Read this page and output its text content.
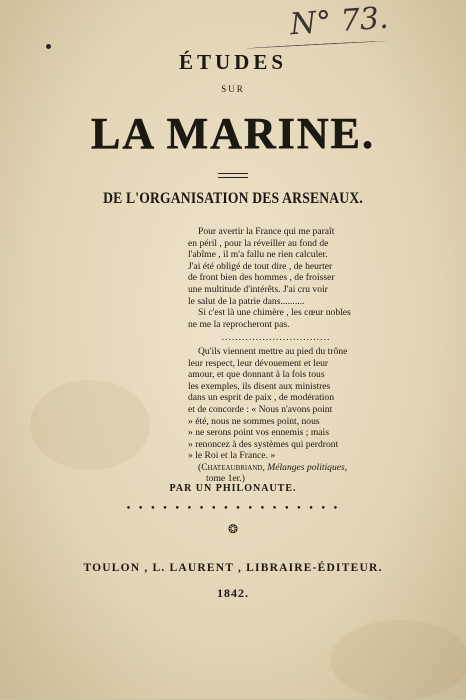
N° 73.
ÉTUDES
SUR
LA MARINE.
DE L'ORGANISATION DES ARSENAUX.
Pour avertir la France qui me paraît
en péril , pour la réveiller au fond de
l'abîme , il m'a fallu ne rien calculer.
J'ai été obligé de tout dire , de heurter
de front bien des hommes , de froisser
une multitude d'intérêts. J'ai cru voir
le salut de la patrie dans..........
Si c'est là une chimère , les cœur nobles
ne me la reprocheront pas.
................................
Qu'ils viennent mettre au pied du trône
leur respect, leur dévouement et leur
amour, et que donnant à la fois tous
les exemples, ils disent aux ministres
dans un esprit de paix , de modération
et de concorde : « Nous n'avons point
» été, nous ne sommes point, nous
» ne serons point vos ennemis ; mais
» renoncez à des systèmes qui perdront
» le Roi et la France. »
(Chateaubriand, Mélanges politiques,
tome 1er.)
PAR UN PHILONAUTE.
• • • • • • • • • • • • • • • • • •
❂
TOULON , L. LAURENT , LIBRAIRE-ÉDITEUR.
1842.
